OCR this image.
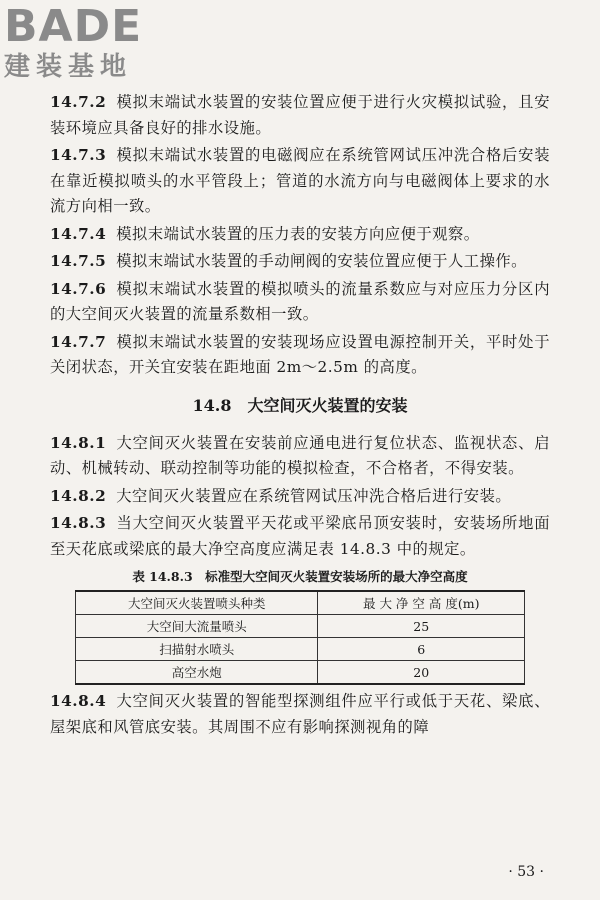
BADE
建装基地

14.7.2 模拟末端试水装置的安装位置应便于进行火灾模拟试验，且安装环境应具备良好的排水设施。

14.7.3 模拟末端试水装置的电磁阀应在系统管网试压冲洗合格后安装在靠近模拟喷头的水平管段上；管道的水流方向与电磁阀体上要求的水流方向相一致。

14.7.4 模拟末端试水装置的压力表的安装方向应便于观察。

14.7.5 模拟末端试水装置的手动闸阀的安装位置应便于人工操作。

14.7.6 模拟末端试水装置的模拟喷头的流量系数应与对应压力分区内的大空间灭火装置的流量系数相一致。

14.7.7 模拟末端试水装置的安装现场应设置电源控制开关，平时处于关闭状态，开关宜安装在距地面 2m～2.5m 的高度。

14.8　大空间灭火装置的安装

14.8.1 大空间灭火装置在安装前应通电进行复位状态、监视状态、启动、机械转动、联动控制等功能的模拟检查，不合格者，不得安装。

14.8.2 大空间灭火装置应在系统管网试压冲洗合格后进行安装。

14.8.3 当大空间灭火装置平天花或平梁底吊顶安装时，安装场所地面至天花底或梁底的最大净空高度应满足表 14.8.3 中的规定。

表 14.8.3　标准型大空间灭火装置安装场所的最大净空高度
大空间灭火装置喷头种类	最 大 净 空 高 度(m)
大空间大流量喷头	25
扫描射水喷头	6
高空水炮	20

14.8.4 大空间灭火装置的智能型探测组件应平行或低于天花、梁底、屋架底和风管底安装。其周围不应有影响探测视角的障

· 53 ·
